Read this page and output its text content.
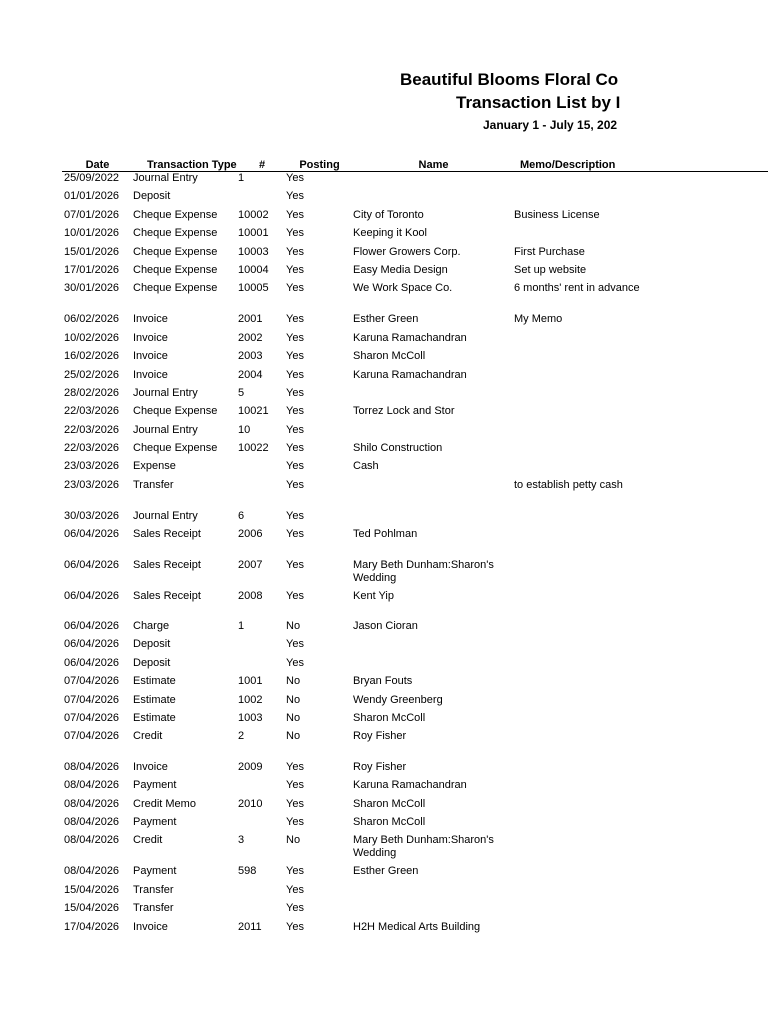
Beautiful Blooms Floral Co
Transaction List by I
January 1 - July 15, 202
Date	Transaction Type	#	Posting	Name	Memo/Description
25/09/2022	Journal Entry	1	Yes		
01/01/2026	Deposit		Yes		
07/01/2026	Cheque Expense	10002	Yes	City of Toronto	Business License
10/01/2026	Cheque Expense	10001	Yes	Keeping it Kool	
15/01/2026	Cheque Expense	10003	Yes	Flower Growers Corp.	First Purchase
17/01/2026	Cheque Expense	10004	Yes	Easy Media Design	Set up website
30/01/2026	Cheque Expense	10005	Yes	We Work Space Co.	6 months' rent in advance
06/02/2026	Invoice	2001	Yes	Esther Green	My Memo
10/02/2026	Invoice	2002	Yes	Karuna Ramachandran	
16/02/2026	Invoice	2003	Yes	Sharon McColl	
25/02/2026	Invoice	2004	Yes	Karuna Ramachandran	
28/02/2026	Journal Entry	5	Yes		
22/03/2026	Cheque Expense	10021	Yes	Torrez Lock and Stor	
22/03/2026	Journal Entry	10	Yes		
22/03/2026	Cheque Expense	10022	Yes	Shilo Construction	
23/03/2026	Expense		Yes	Cash	
23/03/2026	Transfer		Yes		to establish petty cash
30/03/2026	Journal Entry	6	Yes		
06/04/2026	Sales Receipt	2006	Yes	Ted Pohlman	

06/04/2026	Sales Receipt	2007	Yes	Mary Beth Dunham:Sharon's Wedding	
06/04/2026	Sales Receipt	2008	Yes	Kent Yip	

06/04/2026	Charge	1	No	Jason Cioran	
06/04/2026	Deposit		Yes		
06/04/2026	Deposit		Yes		
07/04/2026	Estimate	1001	No	Bryan Fouts	
07/04/2026	Estimate	1002	No	Wendy Greenberg	
07/04/2026	Estimate	1003	No	Sharon McColl	
07/04/2026	Credit	2	No	Roy Fisher	

08/04/2026	Invoice	2009	Yes	Roy Fisher	
08/04/2026	Payment		Yes	Karuna Ramachandran	
08/04/2026	Credit Memo	2010	Yes	Sharon McColl	
08/04/2026	Payment		Yes	Sharon McColl	
08/04/2026	Credit	3	No	Mary Beth Dunham:Sharon's Wedding	
08/04/2026	Payment	598	Yes	Esther Green	
15/04/2026	Transfer		Yes		
15/04/2026	Transfer		Yes		
17/04/2026	Invoice	2011	Yes	H2H Medical Arts Building	
